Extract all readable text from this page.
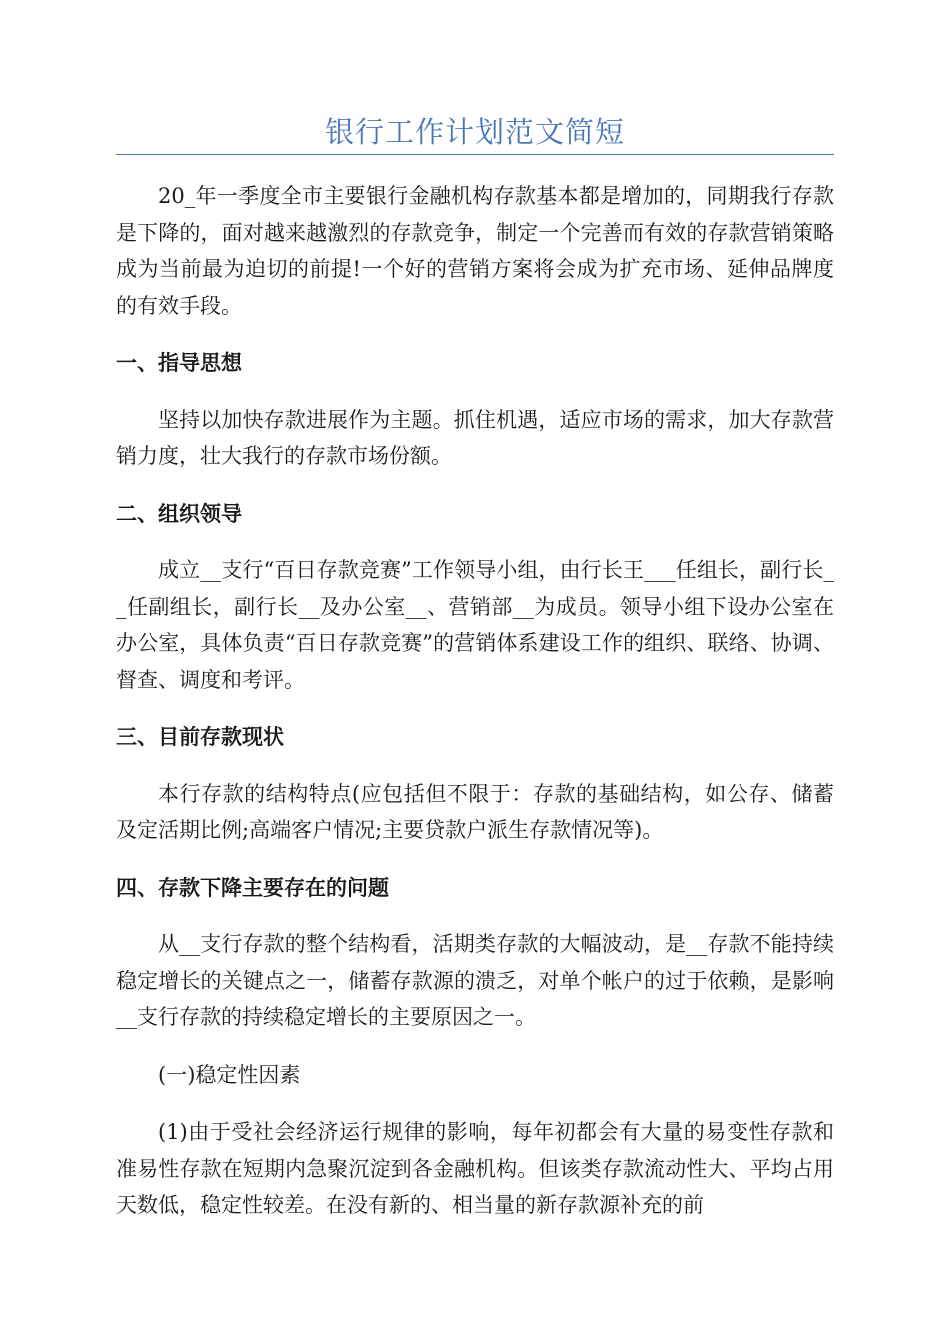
银行工作计划范文简短

20_年一季度全市主要银行金融机构存款基本都是增加的，同期我行存款是下降的，面对越来越激烈的存款竞争，制定一个完善而有效的存款营销策略成为当前最为迫切的前提!一个好的营销方案将会成为扩充市场、延伸品牌度的有效手段。

一、指导思想

坚持以加快存款进展作为主题。抓住机遇，适应市场的需求，加大存款营销力度，壮大我行的存款市场份额。

二、组织领导

成立__支行“百日存款竞赛”工作领导小组，由行长王___任组长，副行长__任副组长，副行长__及办公室__、营销部__为成员。领导小组下设办公室在办公室，具体负责“百日存款竞赛”的营销体系建设工作的组织、联络、协调、督查、调度和考评。

三、目前存款现状

本行存款的结构特点(应包括但不限于：存款的基础结构，如公存、储蓄及定活期比例;高端客户情况;主要贷款户派生存款情况等)。

四、存款下降主要存在的问题

从__支行存款的整个结构看，活期类存款的大幅波动，是__存款不能持续稳定增长的关键点之一，储蓄存款源的溃乏，对单个帐户的过于依赖，是影响__支行存款的持续稳定增长的主要原因之一。

(一)稳定性因素

(1)由于受社会经济运行规律的影响，每年初都会有大量的易变性存款和准易性存款在短期内急聚沉淀到各金融机构。但该类存款流动性大、平均占用天数低，稳定性较差。在没有新的、相当量的新存款源补充的前
